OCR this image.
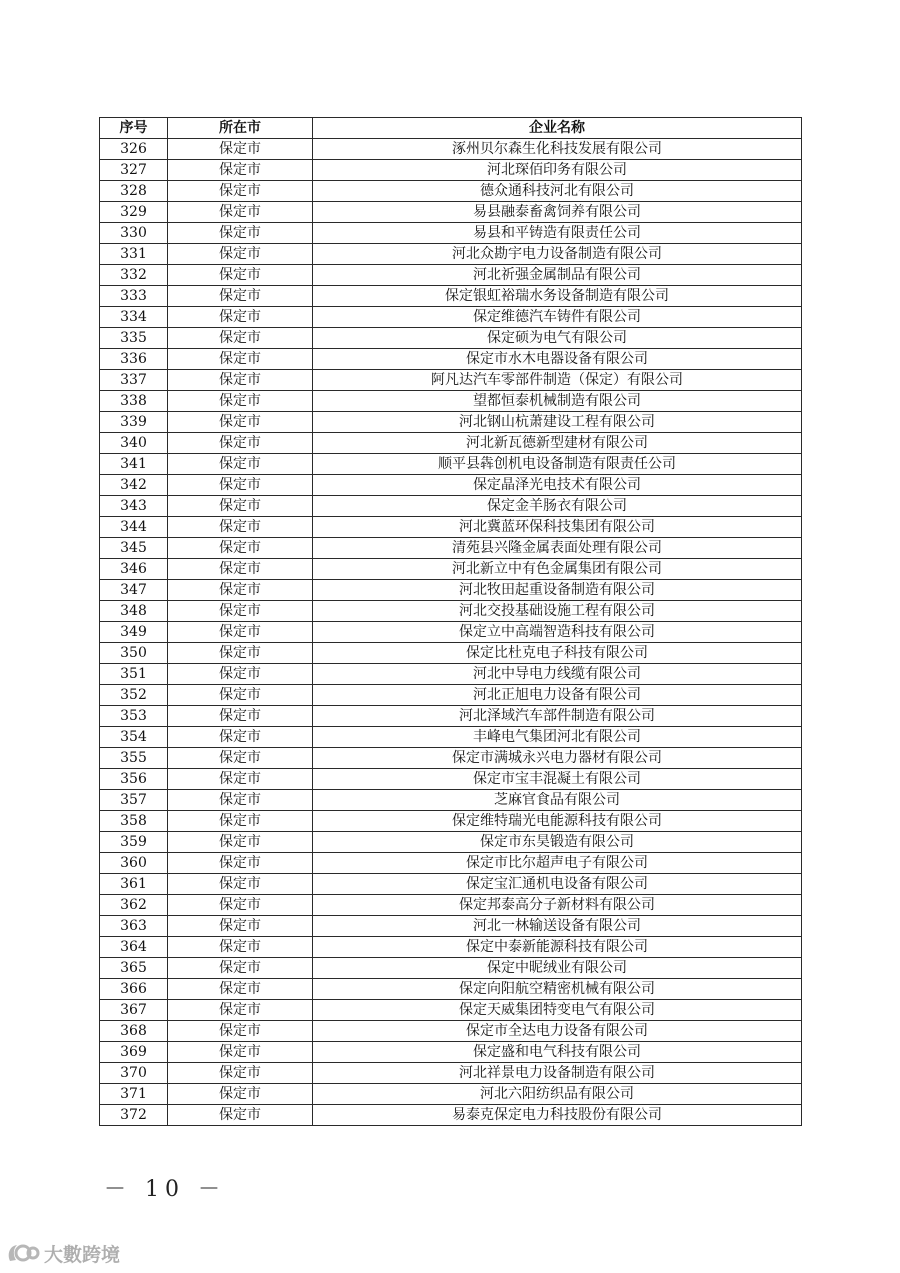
序号	所在市	企业名称
326	保定市	涿州贝尔森生化科技发展有限公司
327	保定市	河北琛佰印务有限公司
328	保定市	德众通科技河北有限公司
329	保定市	易县融泰畜禽饲养有限公司
330	保定市	易县和平铸造有限责任公司
331	保定市	河北众勘宇电力设备制造有限公司
332	保定市	河北祈强金属制品有限公司
333	保定市	保定银虹裕瑞水务设备制造有限公司
334	保定市	保定维德汽车铸件有限公司
335	保定市	保定硕为电气有限公司
336	保定市	保定市水木电器设备有限公司
337	保定市	阿凡达汽车零部件制造（保定）有限公司
338	保定市	望都恒泰机械制造有限公司
339	保定市	河北钢山杭萧建设工程有限公司
340	保定市	河北新瓦德新型建材有限公司
341	保定市	顺平县犇创机电设备制造有限责任公司
342	保定市	保定晶泽光电技术有限公司
343	保定市	保定金羊肠衣有限公司
344	保定市	河北冀蓝环保科技集团有限公司
345	保定市	清苑县兴隆金属表面处理有限公司
346	保定市	河北新立中有色金属集团有限公司
347	保定市	河北牧田起重设备制造有限公司
348	保定市	河北交投基础设施工程有限公司
349	保定市	保定立中高端智造科技有限公司
350	保定市	保定比杜克电子科技有限公司
351	保定市	河北中导电力线缆有限公司
352	保定市	河北正旭电力设备有限公司
353	保定市	河北泽域汽车部件制造有限公司
354	保定市	丰峰电气集团河北有限公司
355	保定市	保定市满城永兴电力器材有限公司
356	保定市	保定市宝丰混凝土有限公司
357	保定市	芝麻官食品有限公司
358	保定市	保定维特瑞光电能源科技有限公司
359	保定市	保定市东昊锻造有限公司
360	保定市	保定市比尔超声电子有限公司
361	保定市	保定宝汇通机电设备有限公司
362	保定市	保定邦泰高分子新材料有限公司
363	保定市	河北一林输送设备有限公司
364	保定市	保定中泰新能源科技有限公司
365	保定市	保定中昵绒业有限公司
366	保定市	保定向阳航空精密机械有限公司
367	保定市	保定天威集团特变电气有限公司
368	保定市	保定市全达电力设备有限公司
369	保定市	保定盛和电气科技有限公司
370	保定市	河北祥景电力设备制造有限公司
371	保定市	河北六阳纺织品有限公司
372	保定市	易泰克保定电力科技股份有限公司
－ 10 －
大數跨境
